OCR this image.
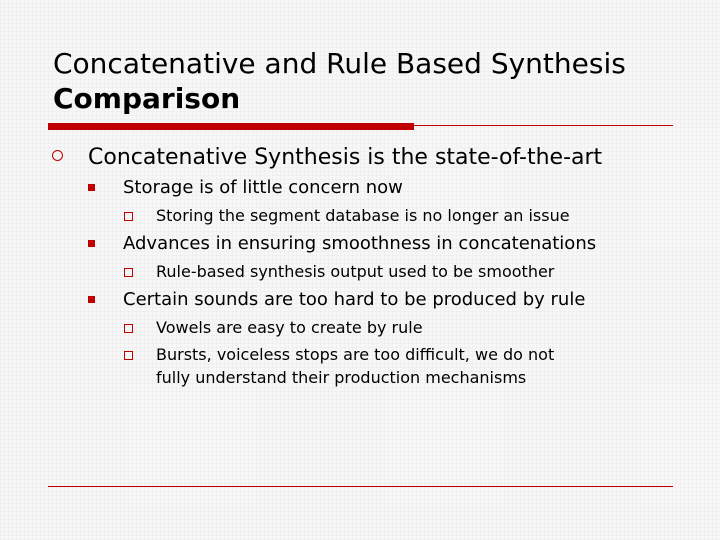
Concatenative and Rule Based Synthesis
Comparison
Concatenative Synthesis is the state-of-the-art
Storage is of little concern now
Storing the segment database is no longer an issue
Advances in ensuring smoothness in concatenations
Rule-based synthesis output used to be smoother
Certain sounds are too hard to be produced by rule
Vowels are easy to create by rule
Bursts, voiceless stops are too difficult, we do not
fully understand their production mechanisms
